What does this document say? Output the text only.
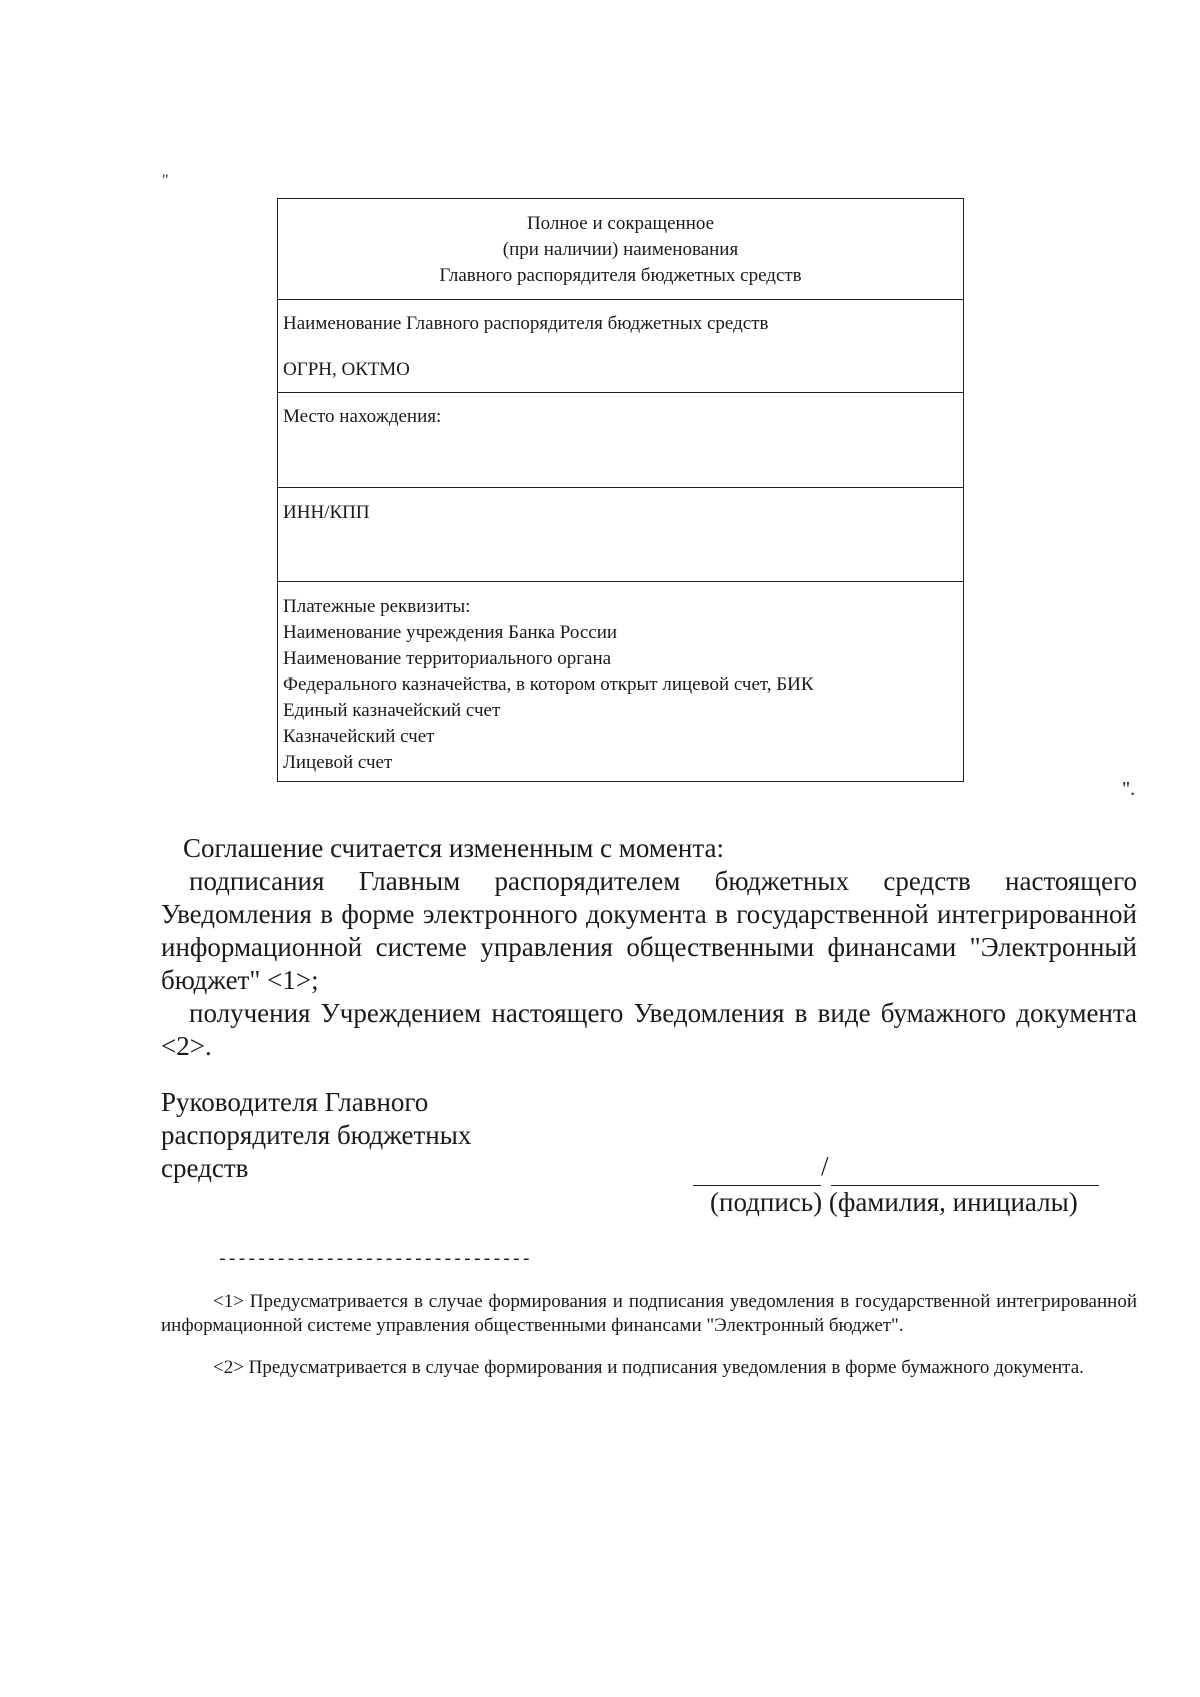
"
Полное и сокращенное
(при наличии) наименования
Главного распорядителя бюджетных средств
Наименование Главного распорядителя бюджетных средств
ОГРН, ОКТМО
Место нахождения:
ИНН/КПП
Платежные реквизиты:
Наименование учреждения Банка России
Наименование территориального органа
Федерального казначейства, в котором открыт лицевой счет, БИК
Единый казначейский счет
Казначейский счет
Лицевой счет
".

Соглашение считается измененным с момента:

подписания Главным распорядителем бюджетных средств настоящего Уведомления в форме электронного документа в государственной интегрированной информационной системе управления общественными финансами "Электронный бюджет" <1>;

получения Учреждением настоящего Уведомления в виде бумажного документа <2>.

Руководителя Главного
распорядителя бюджетных
средств	/
(подпись) (фамилия, инициалы)
--------------------------------

<1> Предусматривается в случае формирования и подписания уведомления в государственной интегрированной информационной системе управления общественными финансами "Электронный бюджет".

<2> Предусматривается в случае формирования и подписания уведомления в форме бумажного документа.
